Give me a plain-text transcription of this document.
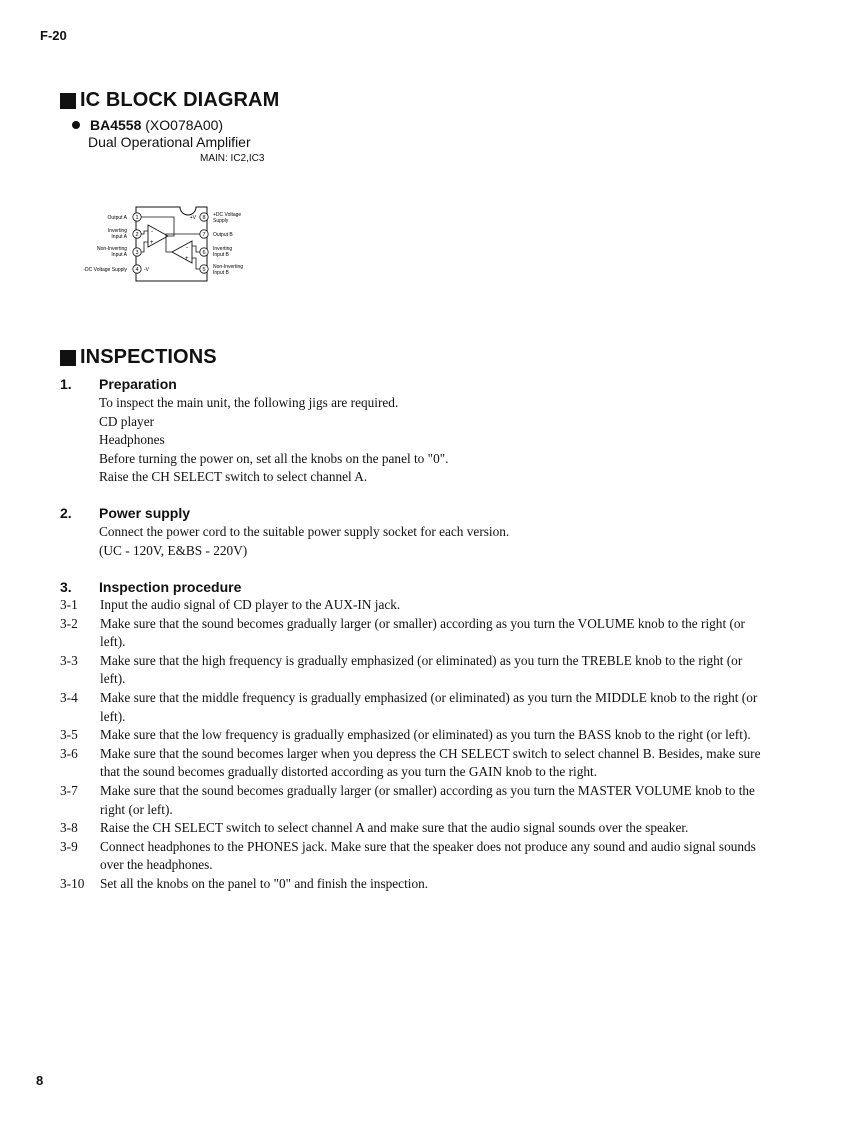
F-20
IC BLOCK DIAGRAM
BA4558 (XO078A00)
Dual Operational Amplifier
MAIN: IC2,IC3
1
2
3
4
8
7
6
5
-
+
-
+
Output A
Inverting
Input A
Non-Inverting
Input A
-DC Voltage Supply	-V
+V	+DC Voltage
Supply
Output B
Inverting
Input B
Non-Inverting
Input B
INSPECTIONS
1. Preparation
To inspect the main unit, the following jigs are required.
CD player
Headphones
Before turning the power on, set all the knobs on the panel to "0".
Raise the CH SELECT switch to select channel A.
2. Power supply
Connect the power cord to the suitable power supply socket for each version.
(UC - 120V, E&BS - 220V)
3. Inspection procedure
3-1	Input the audio signal of CD player to the AUX-IN jack.
3-2	Make sure that the sound becomes gradually larger (or smaller) according as you turn the VOLUME knob to the right (or left).
3-3	Make sure that the high frequency is gradually emphasized (or eliminated) as you turn the TREBLE knob to the right (or left).
3-4	Make sure that the middle frequency is gradually emphasized (or eliminated) as you turn the MIDDLE knob to the right (or left).
3-5	Make sure that the low frequency is gradually emphasized (or eliminated) as you turn the BASS knob to the right (or left).
3-6	Make sure that the sound becomes larger when you depress the CH SELECT switch to select channel B. Besides, make sure that the sound becomes gradually distorted according as you turn the GAIN knob to the right.
3-7	Make sure that the sound becomes gradually larger (or smaller) according as you turn the MASTER VOLUME knob to the right (or left).
3-8	Raise the CH SELECT switch to select channel A and make sure that the audio signal sounds over the speaker.
3-9	Connect headphones to the PHONES jack. Make sure that the speaker does not produce any sound and audio signal sounds over the headphones.
3-10	Set all the knobs on the panel to "0" and finish the inspection.
8
